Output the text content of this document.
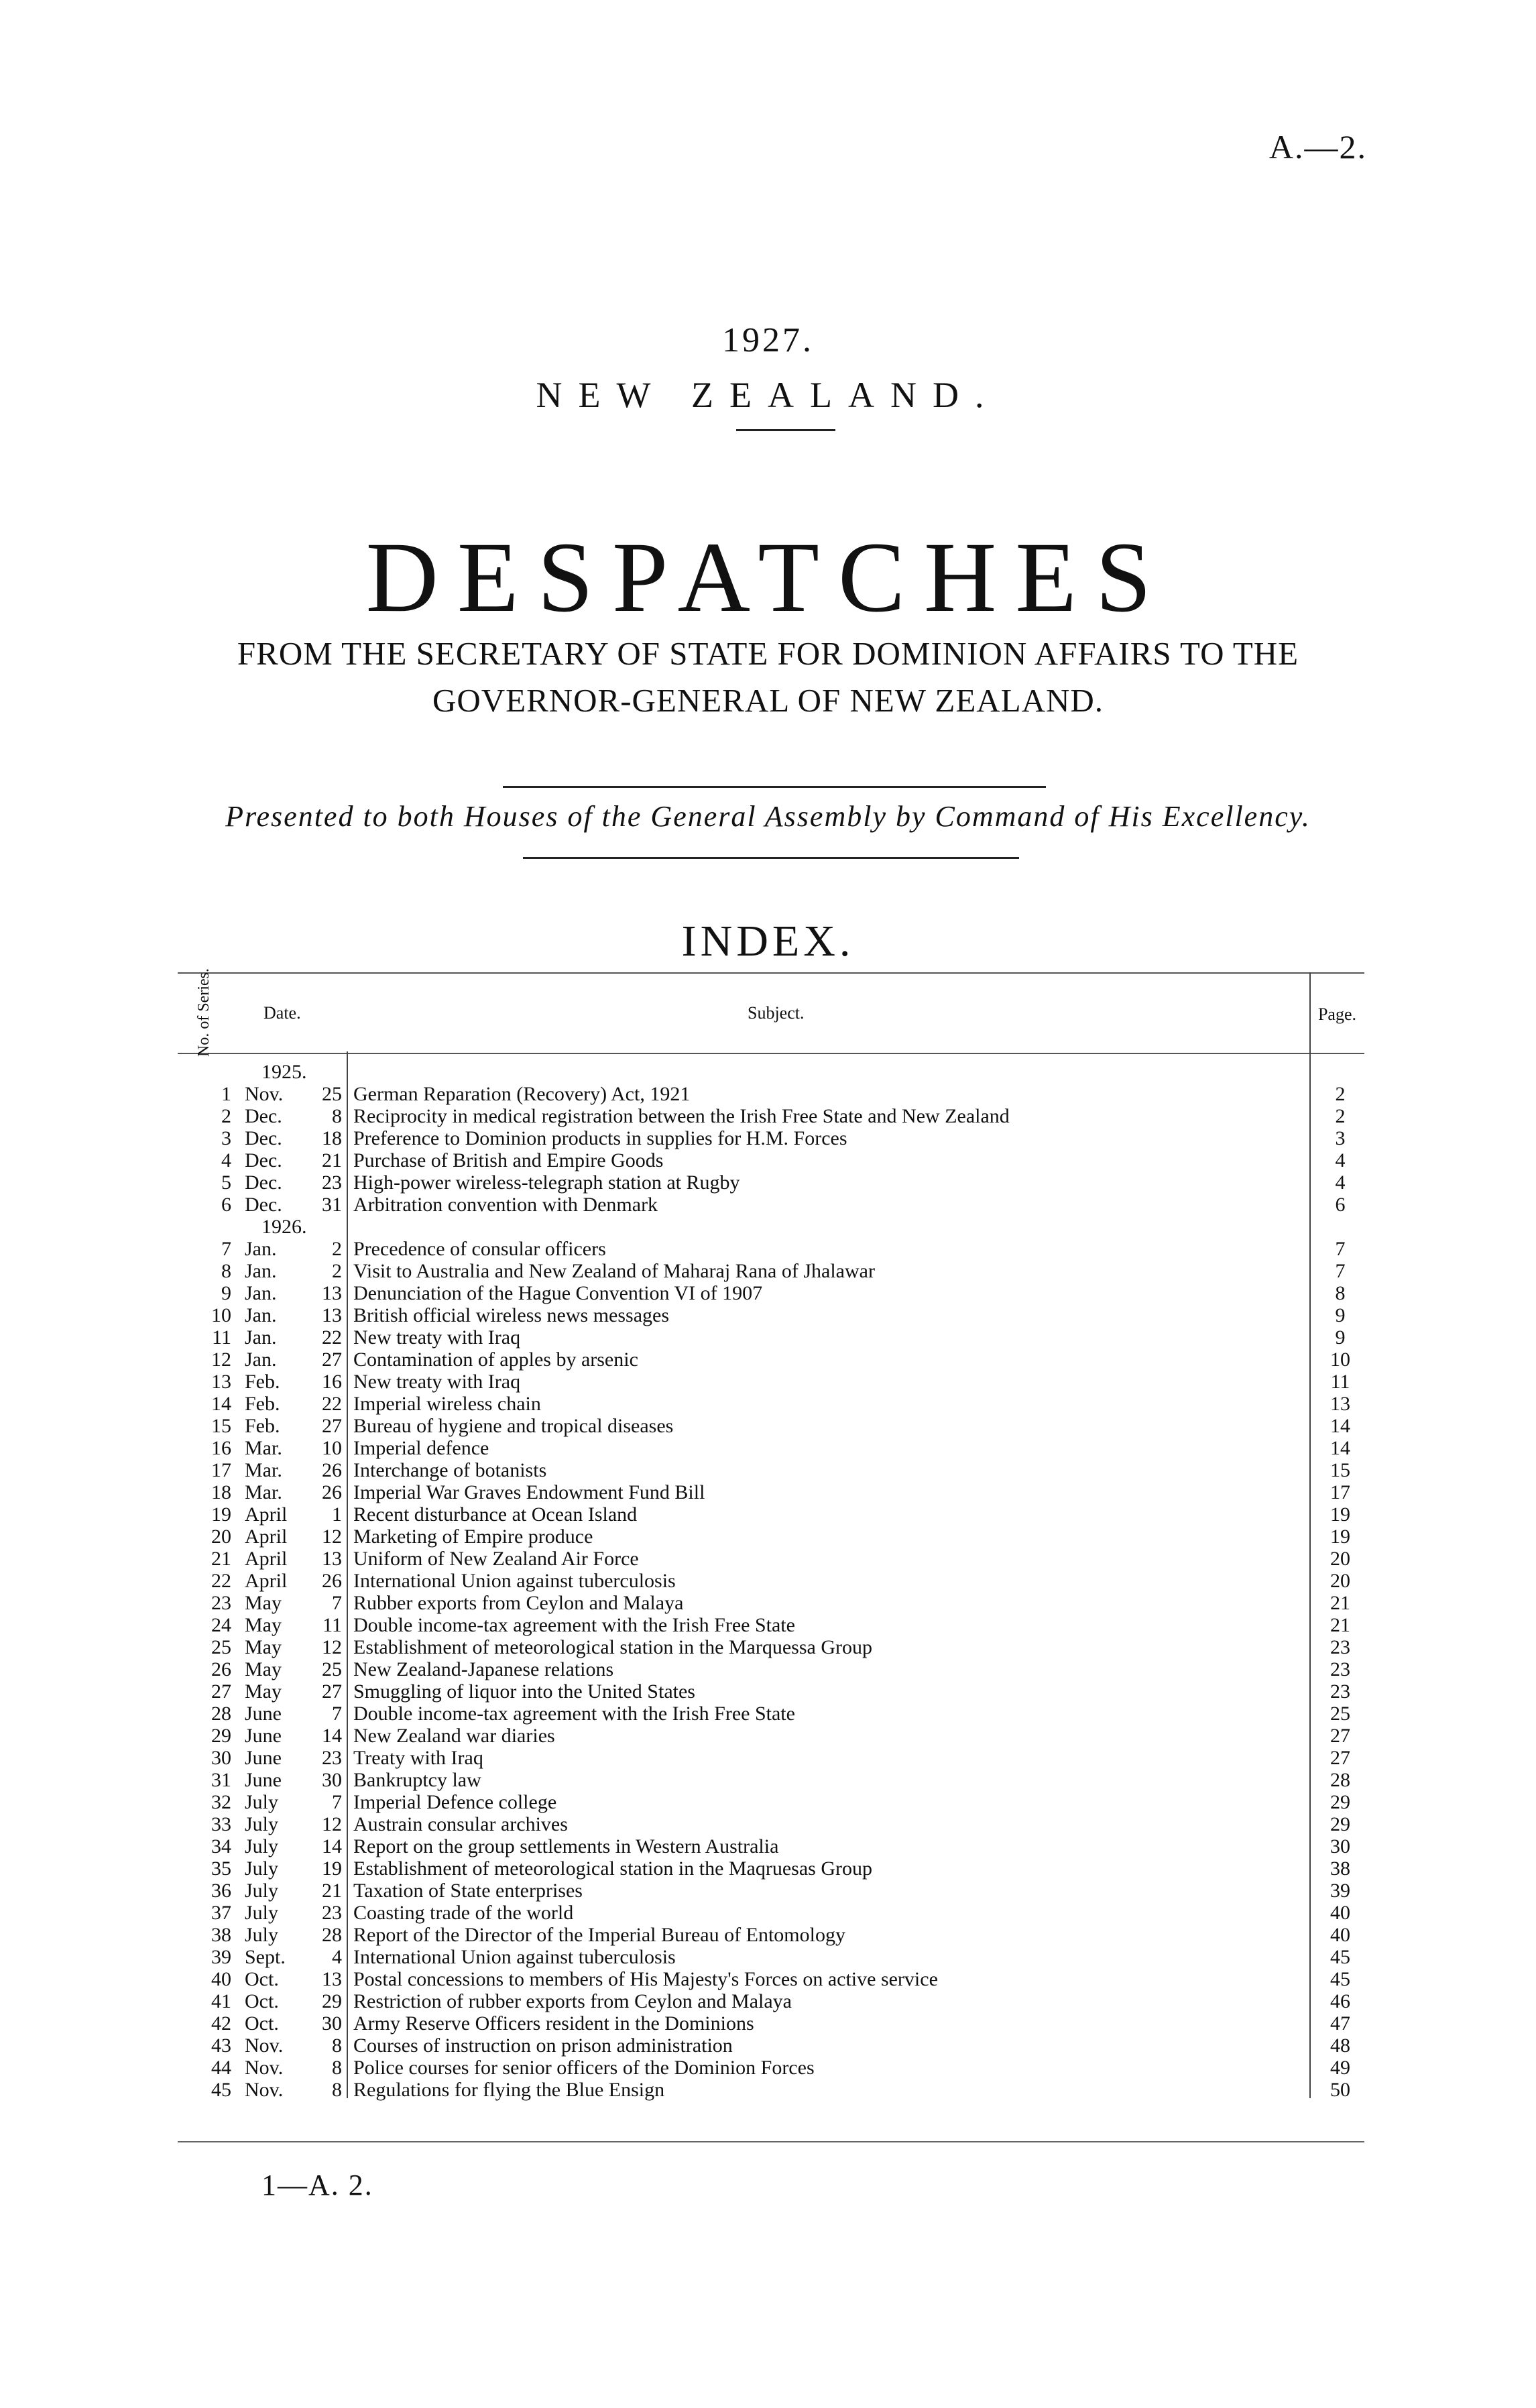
A.—2.
1927.
NEW ZEALAND.
DESPATCHES
FROM THE SECRETARY OF STATE FOR DOMINION AFFAIRS TO THE
GOVERNOR-GENERAL OF NEW ZEALAND.
Presented to both Houses of the General Assembly by Command of His Excellency.
INDEX.
No. of Series.	Date.	Subject.	Page.
1925.
1 Nov.	25 German Reparation (Recovery) Act, 1921	2
2 Dec.	8 Reciprocity in medical registration between the Irish Free State and New Zealand	2
3 Dec.	18 Preference to Dominion products in supplies for H.M. Forces	3
4 Dec.	21 Purchase of British and Empire Goods	4
5 Dec.	23 High-power wireless-telegraph station at Rugby	4
6 Dec.	31 Arbitration convention with Denmark	6
1926.
7 Jan.	2 Precedence of consular officers	7
8 Jan.	2 Visit to Australia and New Zealand of Maharaj Rana of Jhalawar	7
9 Jan.	13 Denunciation of the Hague Convention VI of 1907	8
10 Jan.	13 British official wireless news messages	9
11 Jan.	22 New treaty with Iraq	9
12 Jan.	27 Contamination of apples by arsenic	10
13 Feb.	16 New treaty with Iraq	11
14 Feb.	22 Imperial wireless chain	13
15 Feb.	27 Bureau of hygiene and tropical diseases	14
16 Mar.	10 Imperial defence	14
17 Mar.	26 Interchange of botanists	15
18 Mar.	26 Imperial War Graves Endowment Fund Bill	17
19 April	1 Recent disturbance at Ocean Island	19
20 April	12 Marketing of Empire produce	19
21 April	13 Uniform of New Zealand Air Force	20
22 April	26 International Union against tuberculosis	20
23 May	7 Rubber exports from Ceylon and Malaya	21
24 May	11 Double income-tax agreement with the Irish Free State	21
25 May	12 Establishment of meteorological station in the Marquessa Group	23
26 May	25 New Zealand-Japanese relations	23
27 May	27 Smuggling of liquor into the United States	23
28 June	7 Double income-tax agreement with the Irish Free State	25
29 June	14 New Zealand war diaries	27
30 June	23 Treaty with Iraq	27
31 June	30 Bankruptcy law	28
32 July	7 Imperial Defence college	29
33 July	12 Austrain consular archives	29
34 July	14 Report on the group settlements in Western Australia	30
35 July	19 Establishment of meteorological station in the Maqruesas Group	38
36 July	21 Taxation of State enterprises	39
37 July	23 Coasting trade of the world	40
38 July	28 Report of the Director of the Imperial Bureau of Entomology	40
39 Sept.	4 International Union against tuberculosis	45
40 Oct.	13 Postal concessions to members of His Majesty's Forces on active service	45
41 Oct.	29 Restriction of rubber exports from Ceylon and Malaya	46
42 Oct.	30 Army Reserve Officers resident in the Dominions	47
43 Nov.	8 Courses of instruction on prison administration	48
44 Nov.	8 Police courses for senior officers of the Dominion Forces	49
45 Nov.	8 Regulations for flying the Blue Ensign	50
1—A. 2.
